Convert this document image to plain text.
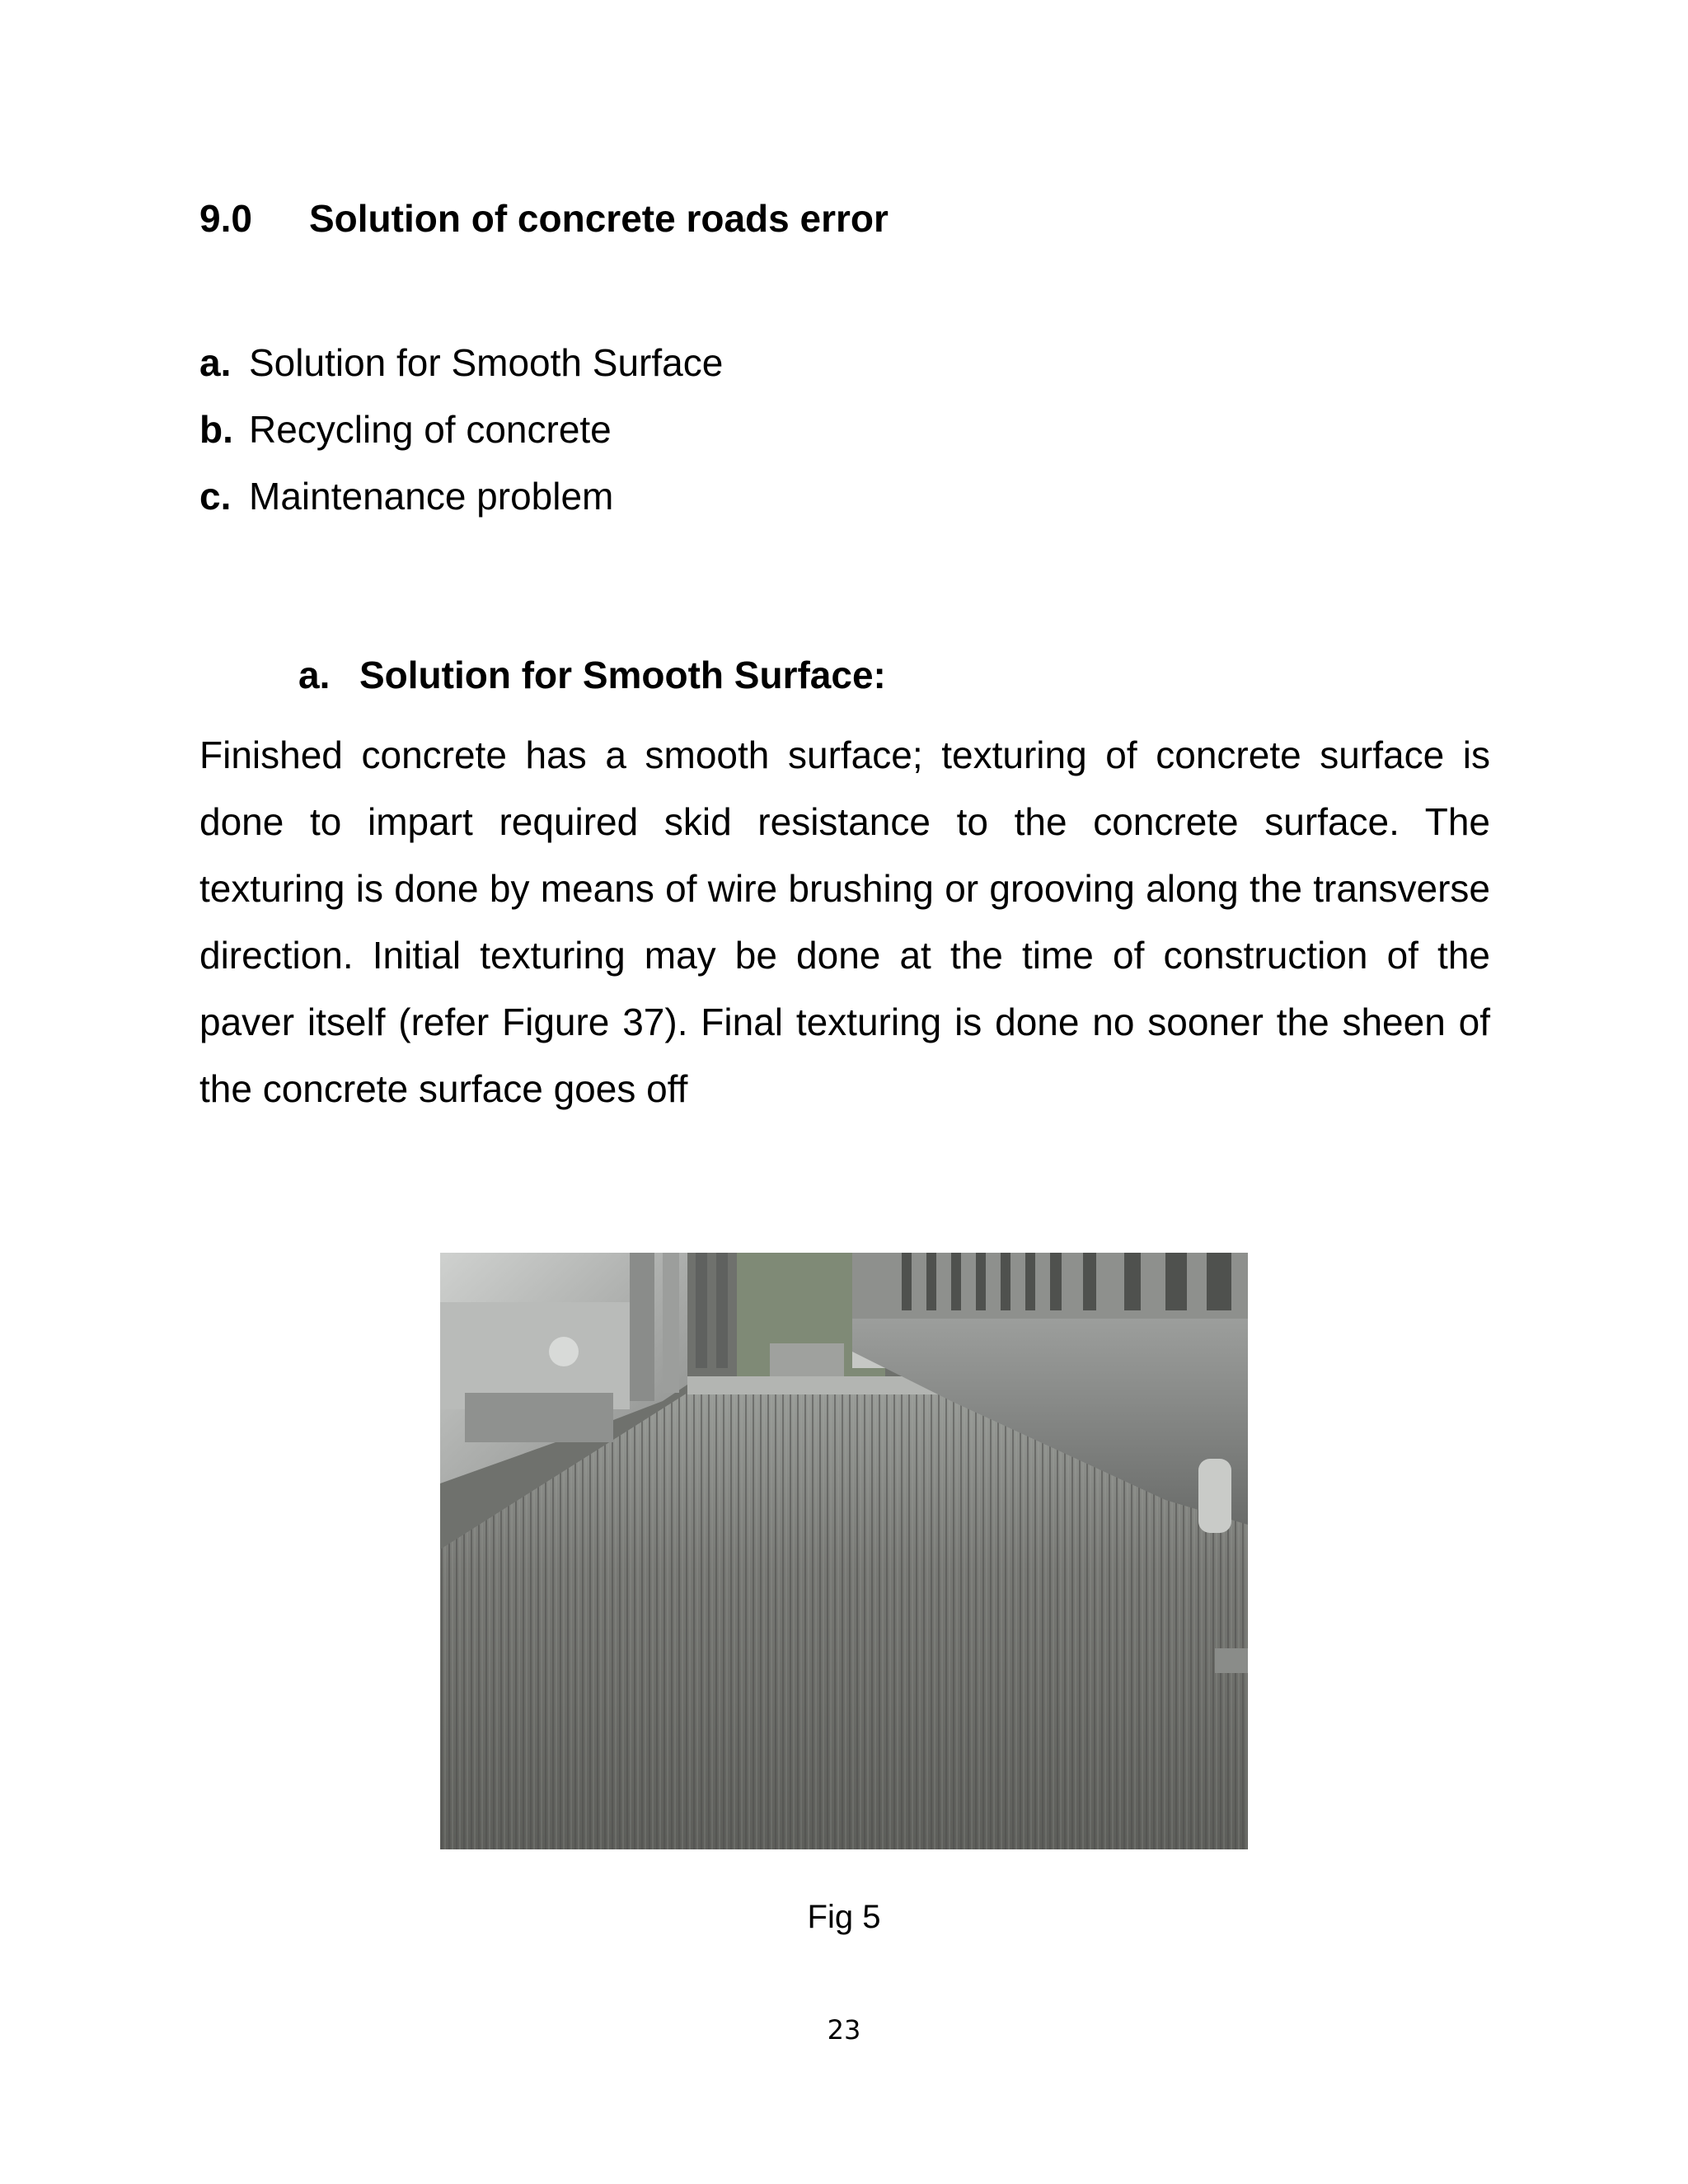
9.0 Solution of concrete roads error
a. Solution for Smooth Surface
b. Recycling of concrete
c. Maintenance problem
a. Solution for Smooth Surface:
Finished concrete has a smooth surface; texturing of concrete surface is done to impart required skid resistance to the concrete surface. The texturing is done by means of wire brushing or grooving along the transverse direction. Initial texturing may be done at the time of construction of the paver itself (refer Figure 37). Final texturing is done no sooner the sheen of the concrete surface goes off
Fig 5
23
